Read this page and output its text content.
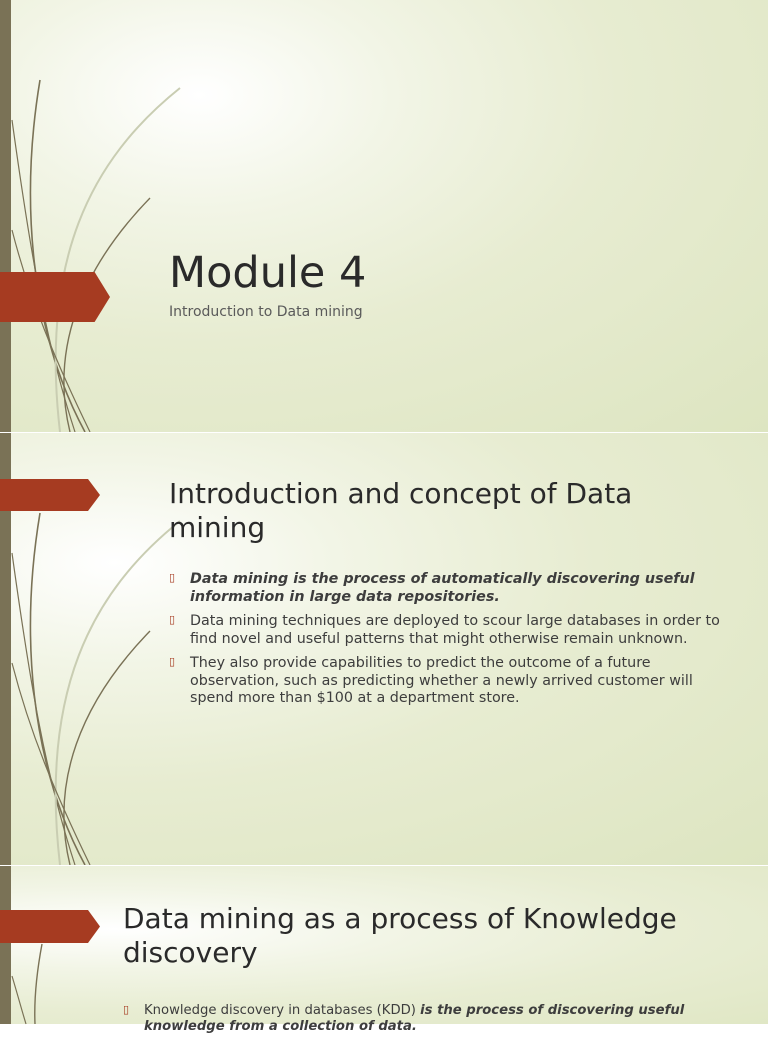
Module 4
Introduction to Data mining
Introduction and concept of Data mining
▯ Data mining is the process of automatically discovering useful information in large data repositories.
▯ Data mining techniques are deployed to scour large databases in order to find novel and useful patterns that might otherwise remain unknown.
▯ They also provide capabilities to predict the outcome of a future observation, such as predicting whether a newly arrived customer will spend more than $100 at a department store.
Data mining as a process of Knowledge discovery
▯ Knowledge discovery in databases (KDD) is the process of discovering useful knowledge from a collection of data.
